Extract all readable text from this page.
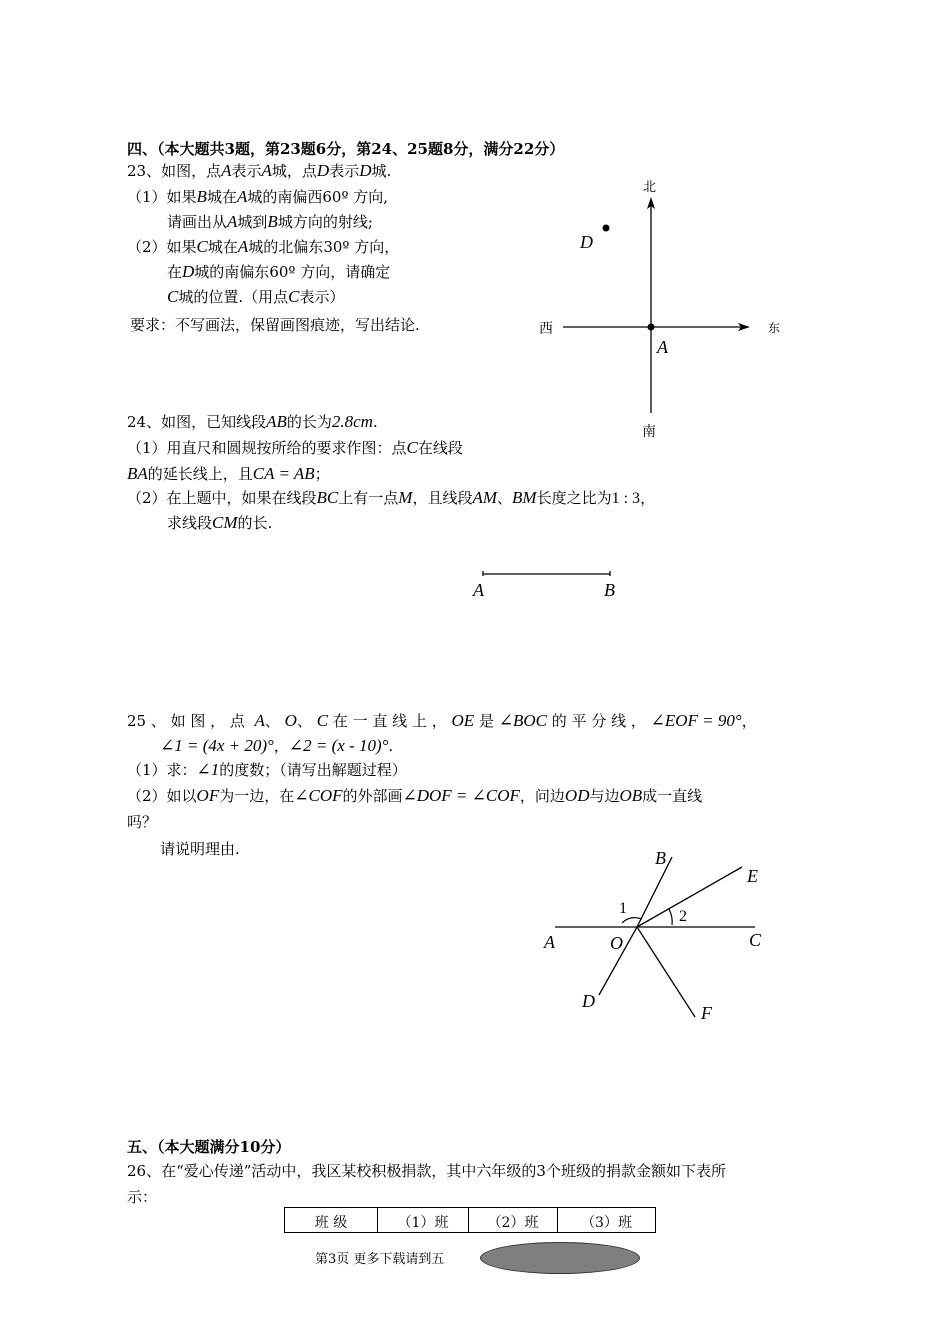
四、（本大题共3题，第23题6分，第24、25题8分，满分22分）
23、如图，点A表示A城，点D表示D城.
（1）如果B城在A城的南偏西60º 方向,
请画出从A城到B城方向的射线;
（2）如果C城在A城的北偏东30º 方向，
在D城的南偏东60º 方向，请确定
C城的位置.（用点C表示）
要求：不写画法，保留画图痕迹，写出结论.
北
南
西	东
A
D
24、如图，已知线段AB的长为2.8cm.
（1）用直尺和圆规按所给的要求作图：点C在线段
BA的延长线上，且CA = AB；
（2）在上题中，如果在线段BC上有一点M，且线段AM、BM长度之比为1 : 3，
求线段CM的长.
A	B
25 、 如 图 ， 点 A、 O、 C 在 一 直 线 上 ， OE 是 ∠BOC 的 平 分 线 ， ∠EOF = 90°，
∠1 = (4x + 20)°，∠2 = (x - 10)°.
（1）求：∠1的度数；（请写出解题过程）
（2）如以OF为一边，在∠COF的外部画∠DOF = ∠COF，问边OD与边OB成一直线
吗？
请说明理由.
1	2
A	O	C
B
E
D
F
五、（本大题满分10分）
26、在“爱心传递”活动中，我区某校积极捐款，其中六年级的3个班级的捐款金额如下表所
示：
班 级	（1）班	（2）班	（3）班
第3页 更多下载请到五
